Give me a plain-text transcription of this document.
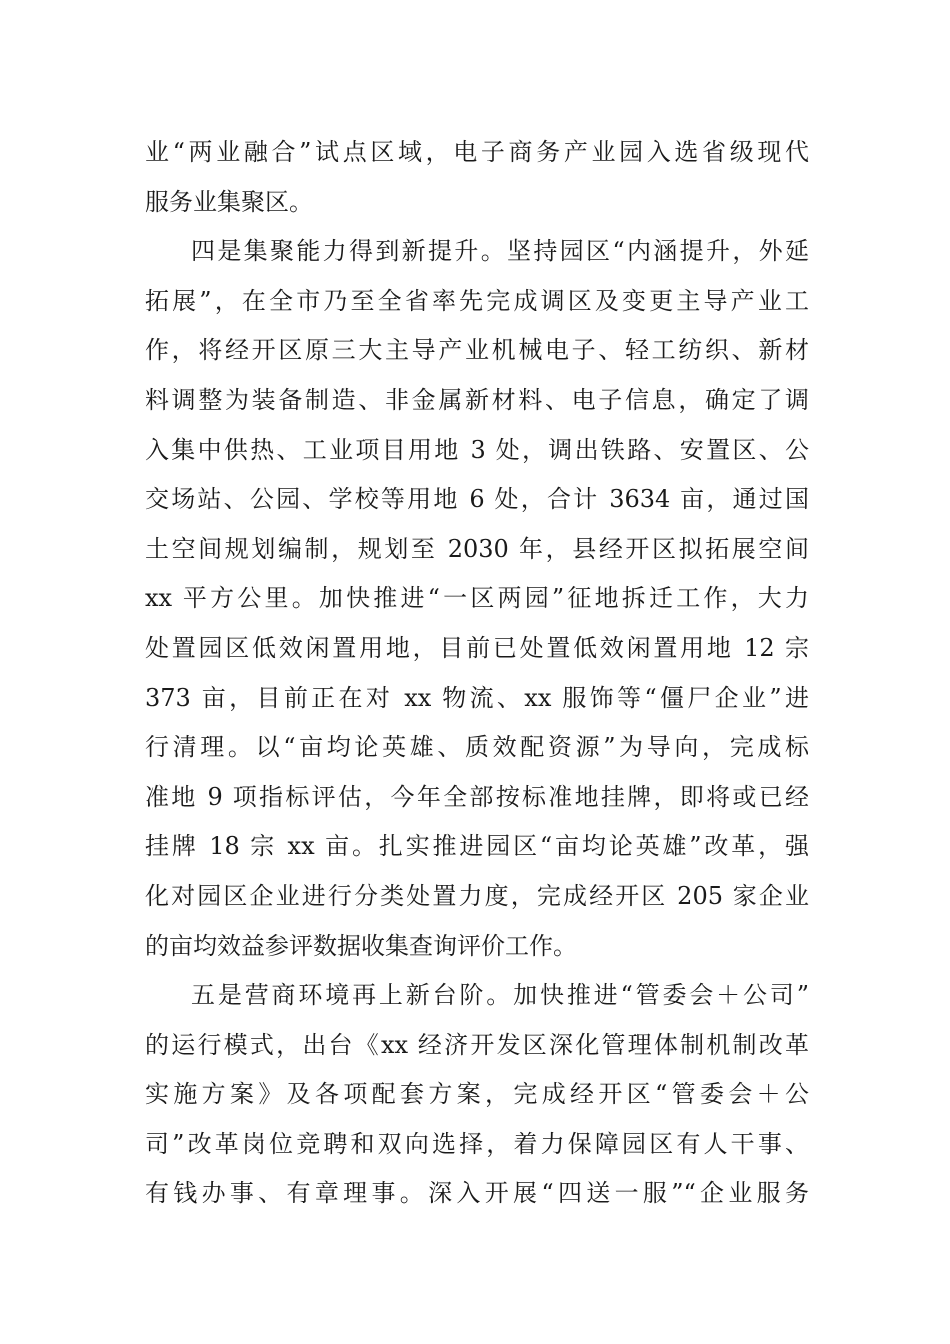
业“两业融合”试点区域，电子商务产业园入选省级现代
服务业集聚区。
四是集聚能力得到新提升。坚持园区“内涵提升，外延
拓展”，在全市乃至全省率先完成调区及变更主导产业工
作，将经开区原三大主导产业机械电子、轻工纺织、新材
料调整为装备制造、非金属新材料、电子信息，确定了调
入集中供热、工业项目用地 3 处，调出铁路、安置区、公
交场站、公园、学校等用地 6 处，合计 3634 亩，通过国
土空间规划编制，规划至 2030 年，县经开区拟拓展空间
xx 平方公里。加快推进“一区两园”征地拆迁工作，大力
处置园区低效闲置用地，目前已处置低效闲置用地 12 宗
373 亩，目前正在对 xx 物流、xx 服饰等“僵尸企业”进
行清理。以“亩均论英雄、质效配资源”为导向，完成标
准地 9 项指标评估，今年全部按标准地挂牌，即将或已经
挂牌 18 宗 xx 亩。扎实推进园区“亩均论英雄”改革，强
化对园区企业进行分类处置力度，完成经开区 205 家企业
的亩均效益参评数据收集查询评价工作。
五是营商环境再上新台阶。加快推进“管委会＋公司”
的运行模式，出台《xx 经济开发区深化管理体制机制改革
实施方案》及各项配套方案，完成经开区“管委会＋公
司”改革岗位竞聘和双向选择，着力保障园区有人干事、
有钱办事、有章理事。深入开展“四送一服”“企业服务
